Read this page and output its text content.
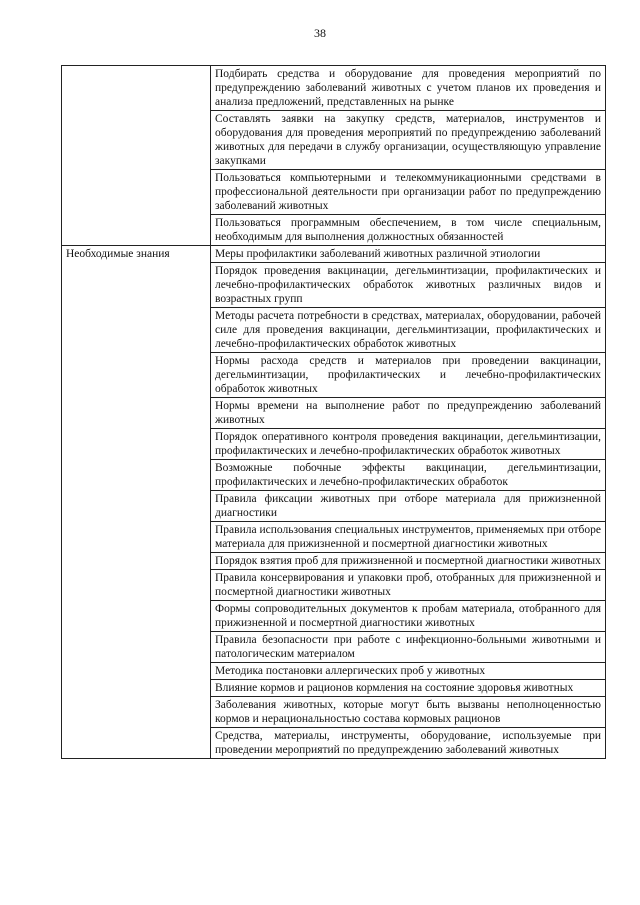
38

	Подбирать средства и оборудование для проведения мероприятий по предупреждению заболеваний животных с учетом планов их проведения и анализа предложений, представленных на рынке

	Составлять заявки на закупку средств, материалов, инструментов и оборудования для проведения мероприятий по предупреждению заболеваний животных для передачи в службу организации, осуществляющую управление закупками

	Пользоваться компьютерными и телекоммуникационными средствами в профессиональной деятельности при организации работ по предупреждению заболеваний животных

	Пользоваться программным обеспечением, в том числе специальным, необходимым для выполнения должностных обязанностей

Необходимые знания	Меры профилактики заболеваний животных различной этиологии

	Порядок проведения вакцинации, дегельминтизации, профилактических и лечебно-профилактических обработок животных различных видов и возрастных групп

	Методы расчета потребности в средствах, материалах, оборудовании, рабочей силе для проведения вакцинации, дегельминтизации, профилактических и лечебно-профилактических обработок животных

	Нормы расхода средств и материалов при проведении вакцинации, дегельминтизации, профилактических и лечебно-профилактических обработок животных

	Нормы времени на выполнение работ по предупреждению заболеваний животных

	Порядок оперативного контроля проведения вакцинации, дегельминтизации, профилактических и лечебно-профилактических обработок животных

	Возможные побочные эффекты вакцинации, дегельминтизации, профилактических и лечебно-профилактических обработок

	Правила фиксации животных при отборе материала для прижизненной диагностики

	Правила использования специальных инструментов, применяемых при отборе материала для прижизненной и посмертной диагностики животных

	Порядок взятия проб для прижизненной и посмертной диагностики животных

	Правила консервирования и упаковки проб, отобранных для прижизненной и посмертной диагностики животных

	Формы сопроводительных документов к пробам материала, отобранного для прижизненной и посмертной диагностики животных

	Правила безопасности при работе с инфекционно-больными животными и патологическим материалом

	Методика постановки аллергических проб у животных

	Влияние кормов и рационов кормления на состояние здоровья животных

	Заболевания животных, которые могут быть вызваны неполноценностью кормов и нерациональностью состава кормовых рационов

	Средства, материалы, инструменты, оборудование, используемые при проведении мероприятий по предупреждению заболеваний животных
